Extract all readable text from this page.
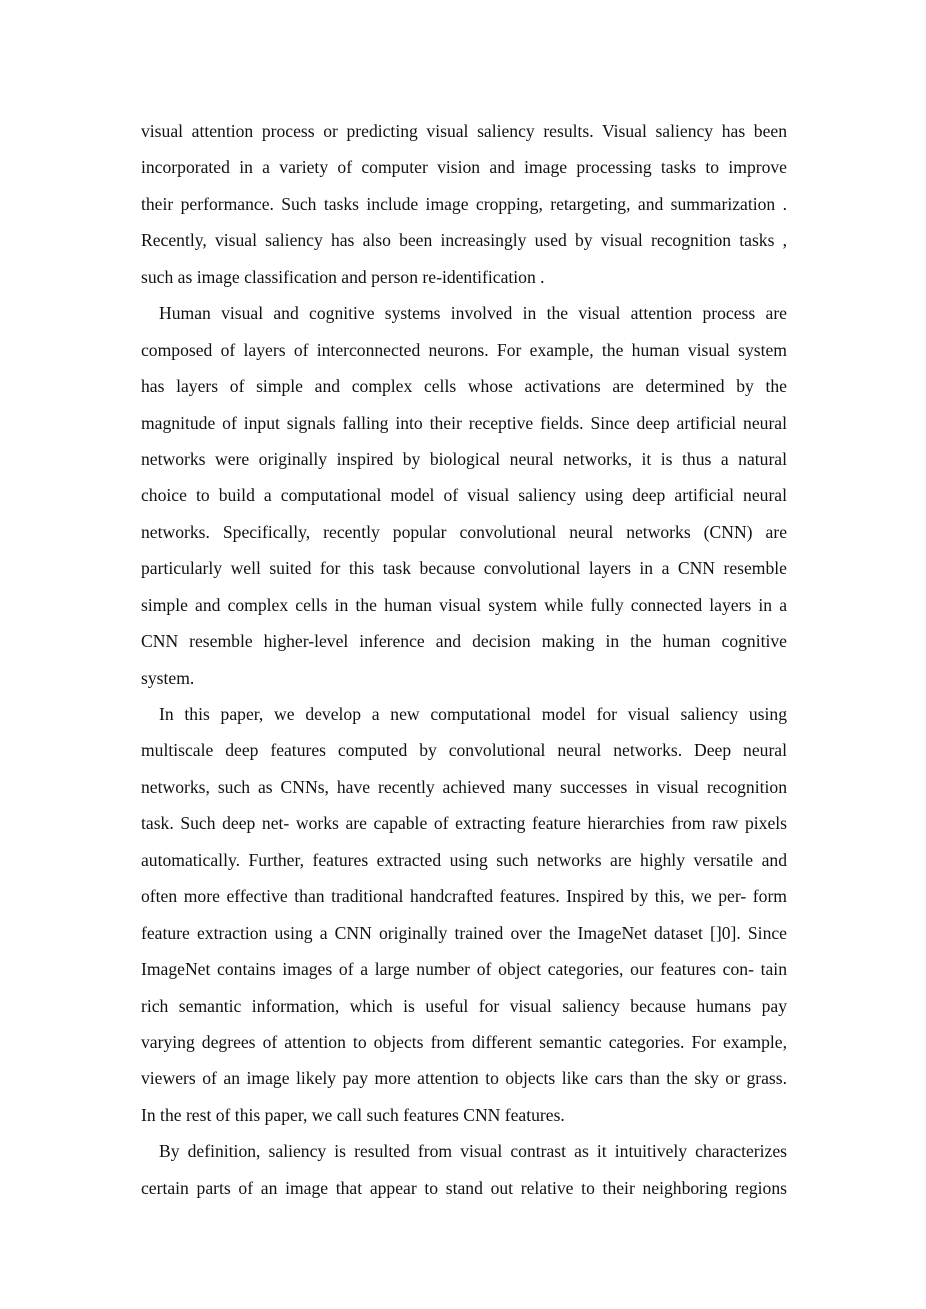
visual attention process or predicting visual saliency results. Visual saliency has been
incorporated in a variety of computer vision and image processing tasks to improve
their performance. Such tasks include image cropping, retargeting, and summarization .
Recently, visual saliency has also been increasingly used by visual recognition tasks ,
such as image classification and person re-identification .
Human visual and cognitive systems involved in the visual attention process are
composed of layers of interconnected neurons. For example, the human visual system
has layers of simple and complex cells whose activations are determined by the
magnitude of input signals falling into their receptive fields. Since deep artificial neural
networks were originally inspired by biological neural networks, it is thus a natural
choice to build a computational model of visual saliency using deep artificial neural
networks. Specifically, recently popular convolutional neural networks (CNN) are
particularly well suited for this task because convolutional layers in a CNN resemble
simple and complex cells in the human visual system while fully connected layers in a
CNN resemble higher-level inference and decision making in the human cognitive
system.
In this paper, we develop a new computational model for visual saliency using
multiscale deep features computed by convolutional neural networks. Deep neural
networks, such as CNNs, have recently achieved many successes in visual recognition
task. Such deep net- works are capable of extracting feature hierarchies from raw pixels
automatically. Further, features extracted using such networks are highly versatile and
often more effective than traditional handcrafted features. Inspired by this, we per- form
feature extraction using a CNN originally trained over the ImageNet dataset []0]. Since
ImageNet contains images of a large number of object categories, our features con- tain
rich semantic information, which is useful for visual saliency because humans pay
varying degrees of attention to objects from different semantic categories. For example,
viewers of an image likely pay more attention to objects like cars than the sky or grass.
In the rest of this paper, we call such features CNN features.
By definition, saliency is resulted from visual contrast as it intuitively characterizes
certain parts of an image that appear to stand out relative to their neighboring regions
